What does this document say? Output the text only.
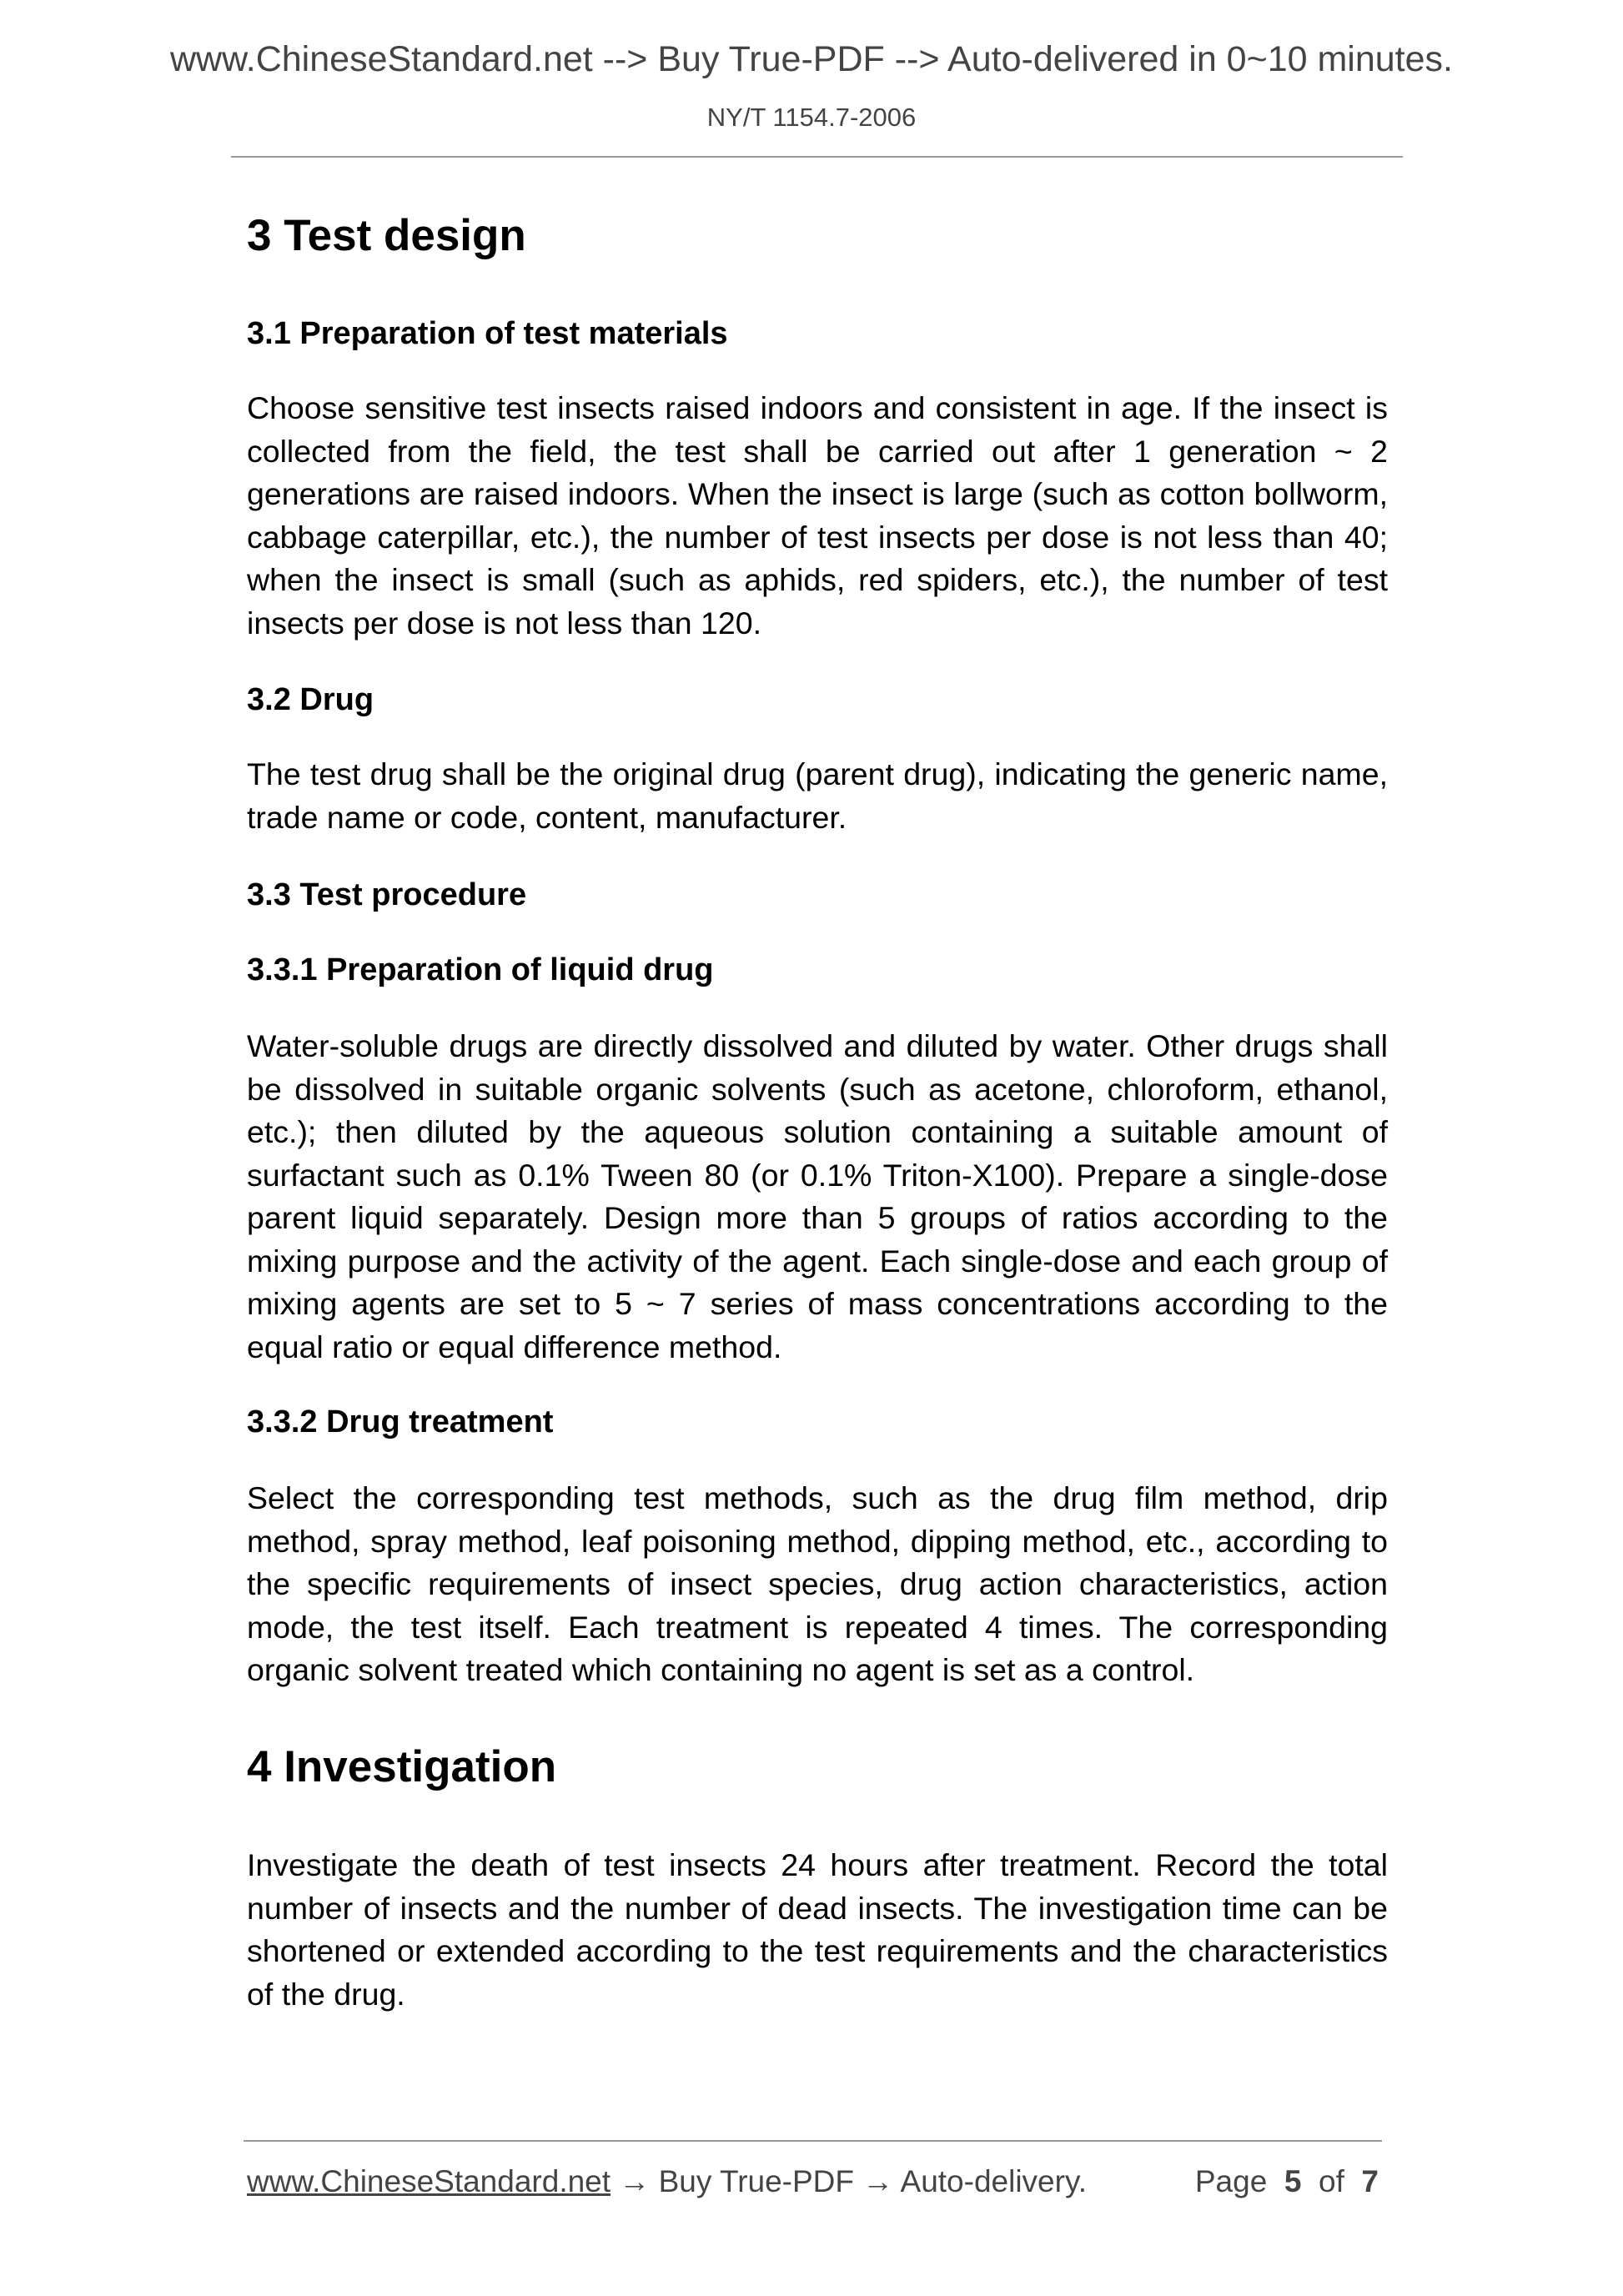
www.ChineseStandard.net --> Buy True-PDF --> Auto-delivered in 0~10 minutes.
NY/T 1154.7-2006
3 Test design
3.1 Preparation of test materials
Choose sensitive test insects raised indoors and consistent in age. If the insect is collected from the field, the test shall be carried out after 1 generation ~ 2 generations are raised indoors. When the insect is large (such as cotton bollworm, cabbage caterpillar, etc.), the number of test insects per dose is not less than 40; when the insect is small (such as aphids, red spiders, etc.), the number of test insects per dose is not less than 120.
3.2 Drug
The test drug shall be the original drug (parent drug), indicating the generic name, trade name or code, content, manufacturer.
3.3 Test procedure
3.3.1 Preparation of liquid drug
Water-soluble drugs are directly dissolved and diluted by water. Other drugs shall be dissolved in suitable organic solvents (such as acetone, chloroform, ethanol, etc.); then diluted by the aqueous solution containing a suitable amount of surfactant such as 0.1% Tween 80 (or 0.1% Triton-X100). Prepare a single-dose parent liquid separately. Design more than 5 groups of ratios according to the mixing purpose and the activity of the agent. Each single-dose and each group of mixing agents are set to 5 ~ 7 series of mass concentrations according to the equal ratio or equal difference method.
3.3.2 Drug treatment
Select the corresponding test methods, such as the drug film method, drip method, spray method, leaf poisoning method, dipping method, etc., according to the specific requirements of insect species, drug action characteristics, action mode, the test itself. Each treatment is repeated 4 times. The corresponding organic solvent treated which containing no agent is set as a control.
4 Investigation
Investigate the death of test insects 24 hours after treatment. Record the total number of insects and the number of dead insects. The investigation time can be shortened or extended according to the test requirements and the characteristics of the drug.
www.ChineseStandard.net → Buy True-PDF → Auto-delivery.	Page 5 of 7
